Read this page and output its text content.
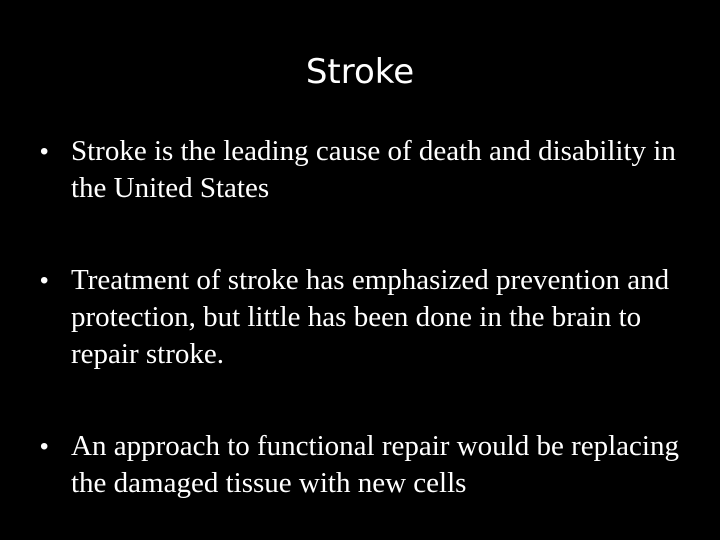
Stroke
• Stroke is the leading cause of death and disability in the United States
• Treatment of stroke has emphasized prevention and protection, but little has been done in the brain to repair stroke.
• An approach to functional repair would be replacing the damaged tissue with new cells
